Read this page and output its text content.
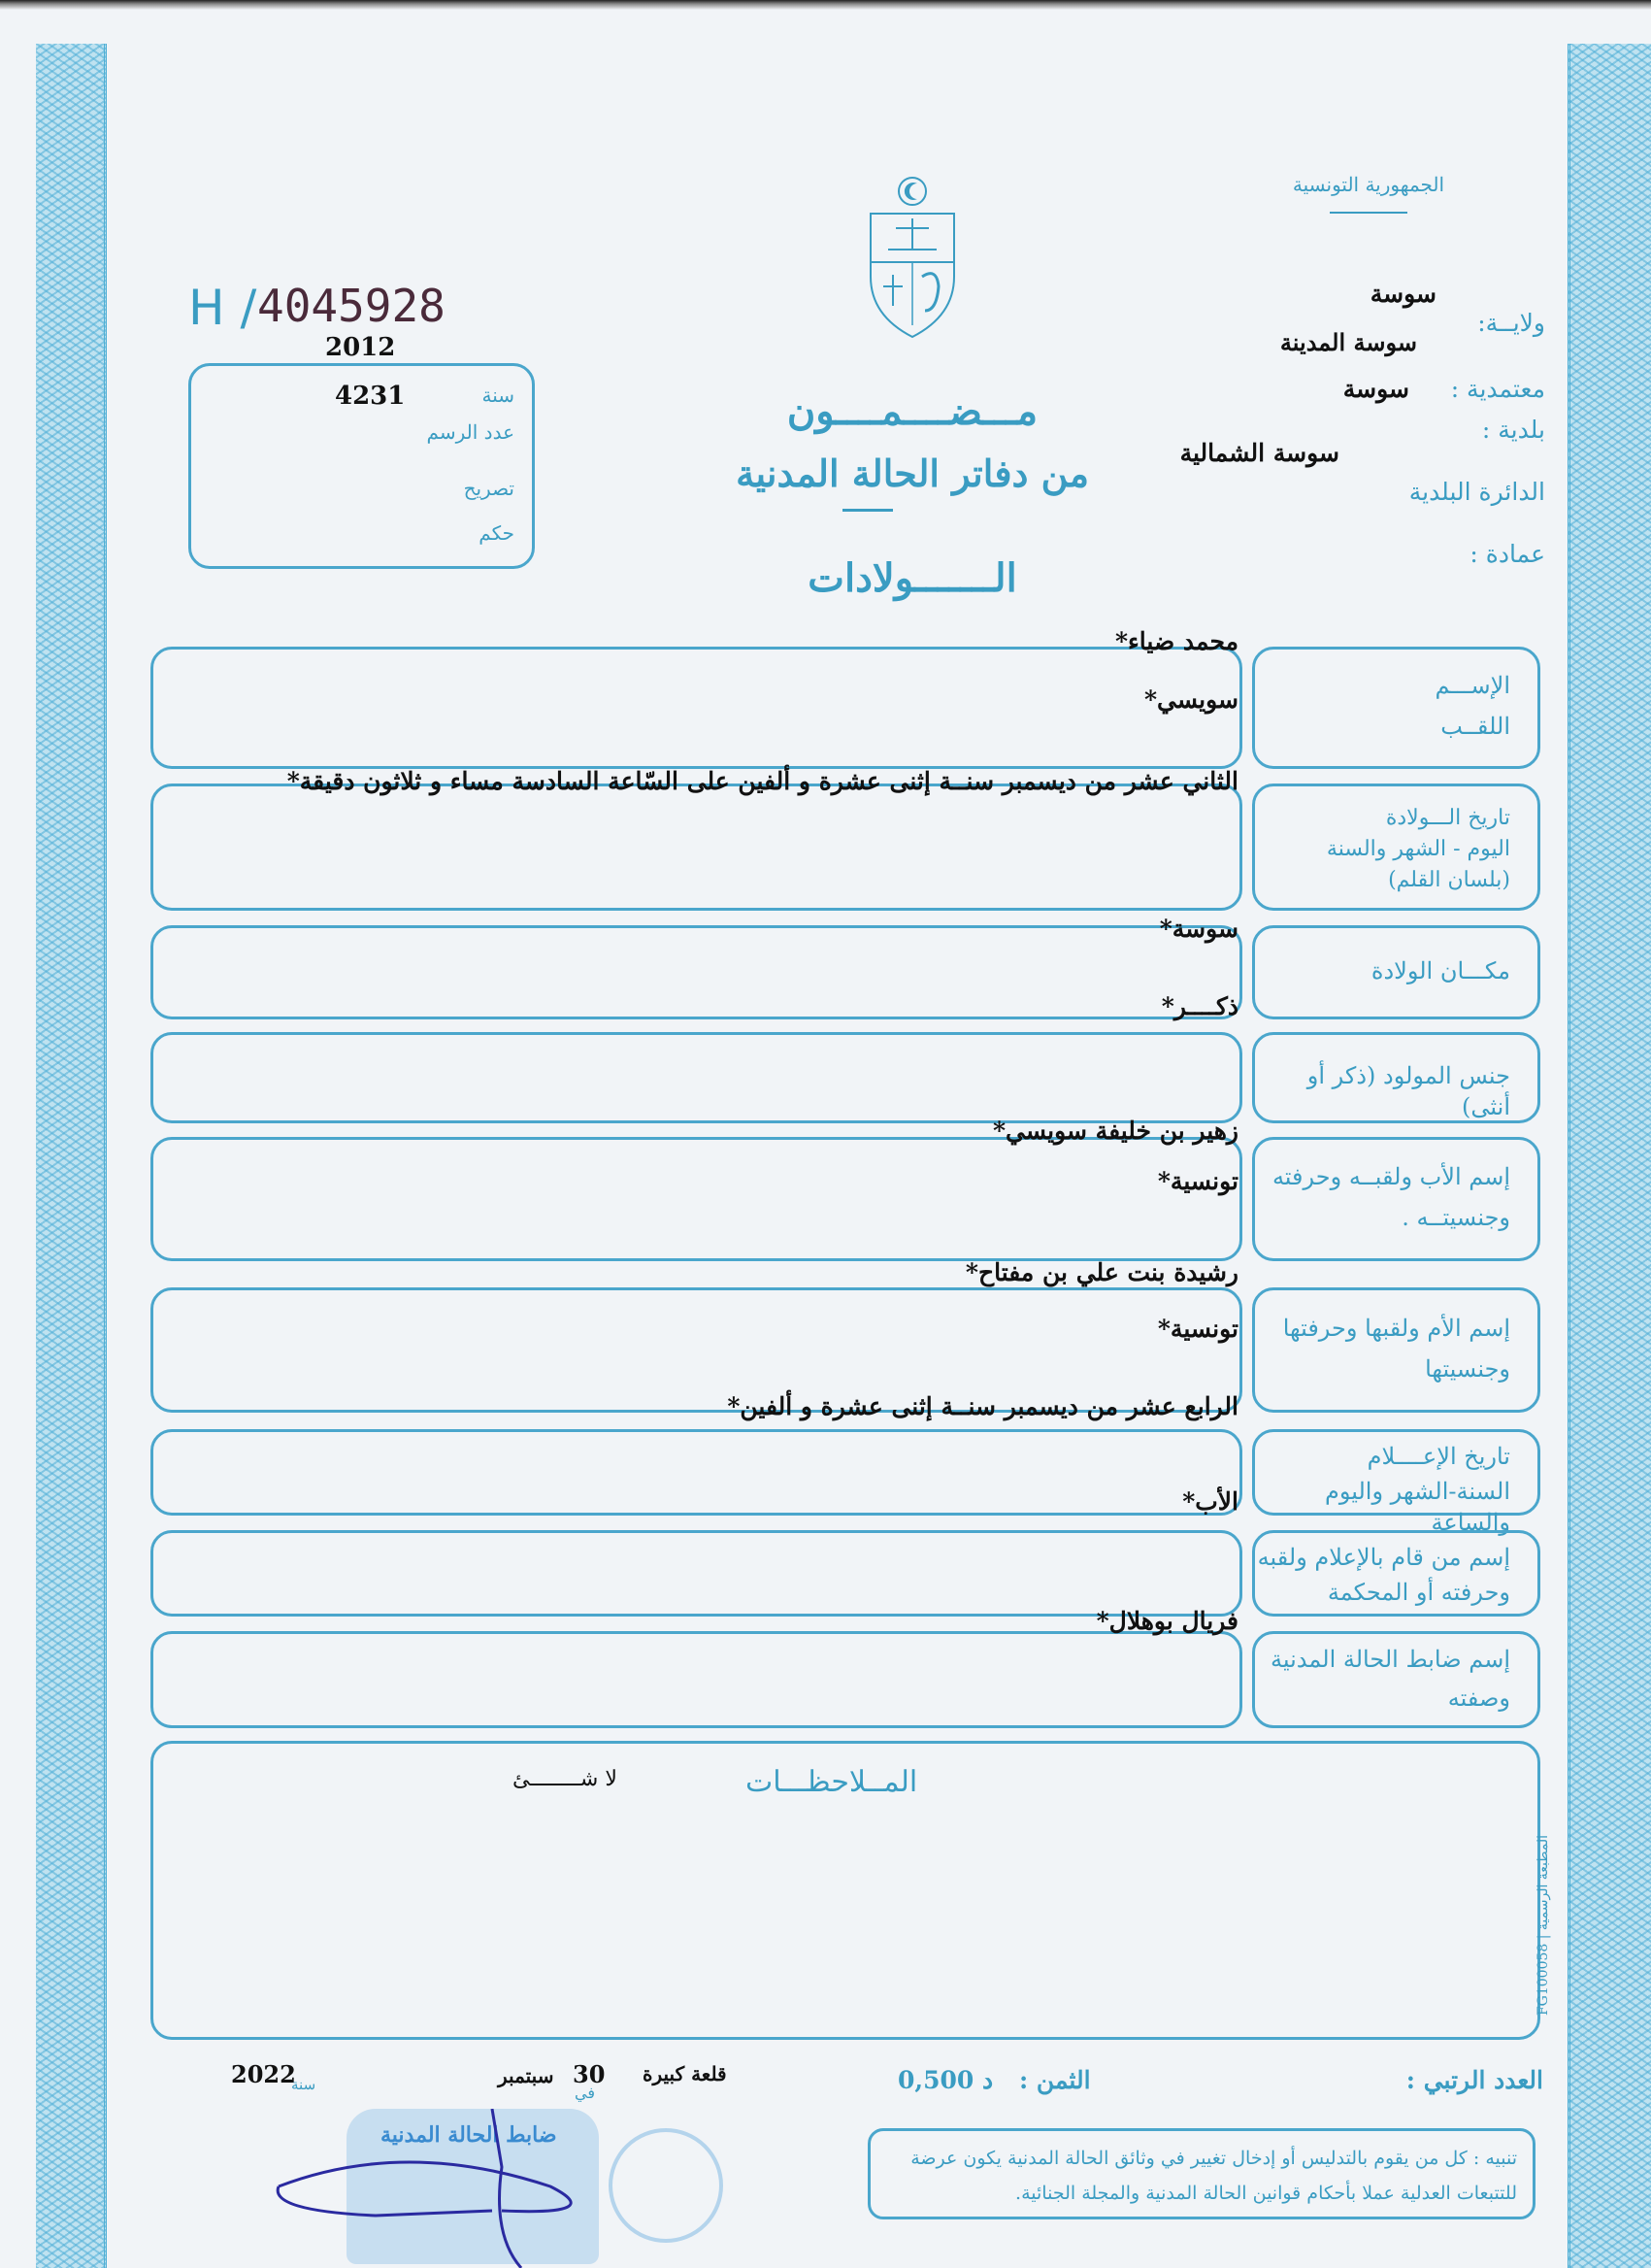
الجمهورية التونسية
H / 4045928
2012
4231	سنة
عدد الرسم
تصريح
حكم
ولايــة:
سوسة
سوسة المدينة
معتمدية :
سوسة
بلدية :
سوسة الشمالية
الدائرة البلدية
عمادة :
مـــضــــمــــون
من دفاتر الحالة المدنية
الـــــــولادات
الإســـم
اللقــب
محمد ضياء*
سويسي*
تاريخ الـــولادة
اليوم - الشهر والسنة
(بلسان القلم)
الثاني عشر من ديسمبر سنــة إثنى عشرة و ألفين على السّاعة السادسة مساء و ثلاثون دقيقة*
مكـــان الولادة
سوسة*
ذكــــر*
جنس المولود (ذكر أو أنثى)
إسم الأب ولقبــه وحرفته
وجنسيتــه .
زهير بن خليفة سويسي*
تونسية*
إسم الأم ولقبها وحرفتها
وجنسيتها
رشيدة بنت علي بن مفتاح*
تونسية*
تاريخ الإعــــلام
السنة-الشهر واليوم والساعة
الرابع عشر من ديسمبر سنــة إثنى عشرة و ألفين*
إسم من قام بالإعلام ولقبه
وحرفته أو المحكمة
الأب*
إسم ضابط الحالة المدنية
وصفته
فريال بوهلال*
المــلاحظـــات
لا شــــــــئ
المطبعة الرسمية | FG100058
العدد الرتبي :
الثمن :
0,500 د
قلعة كبيرة
30
في
سبتمبر
2022
سنة
ضابط الحالة المدنية
تنبيه : كل من يقوم بالتدليس أو إدخال تغيير في وثائق الحالة المدنية يكون عرضة للتتبعات العدلية عملا بأحكام قوانين الحالة المدنية والمجلة الجنائية.
